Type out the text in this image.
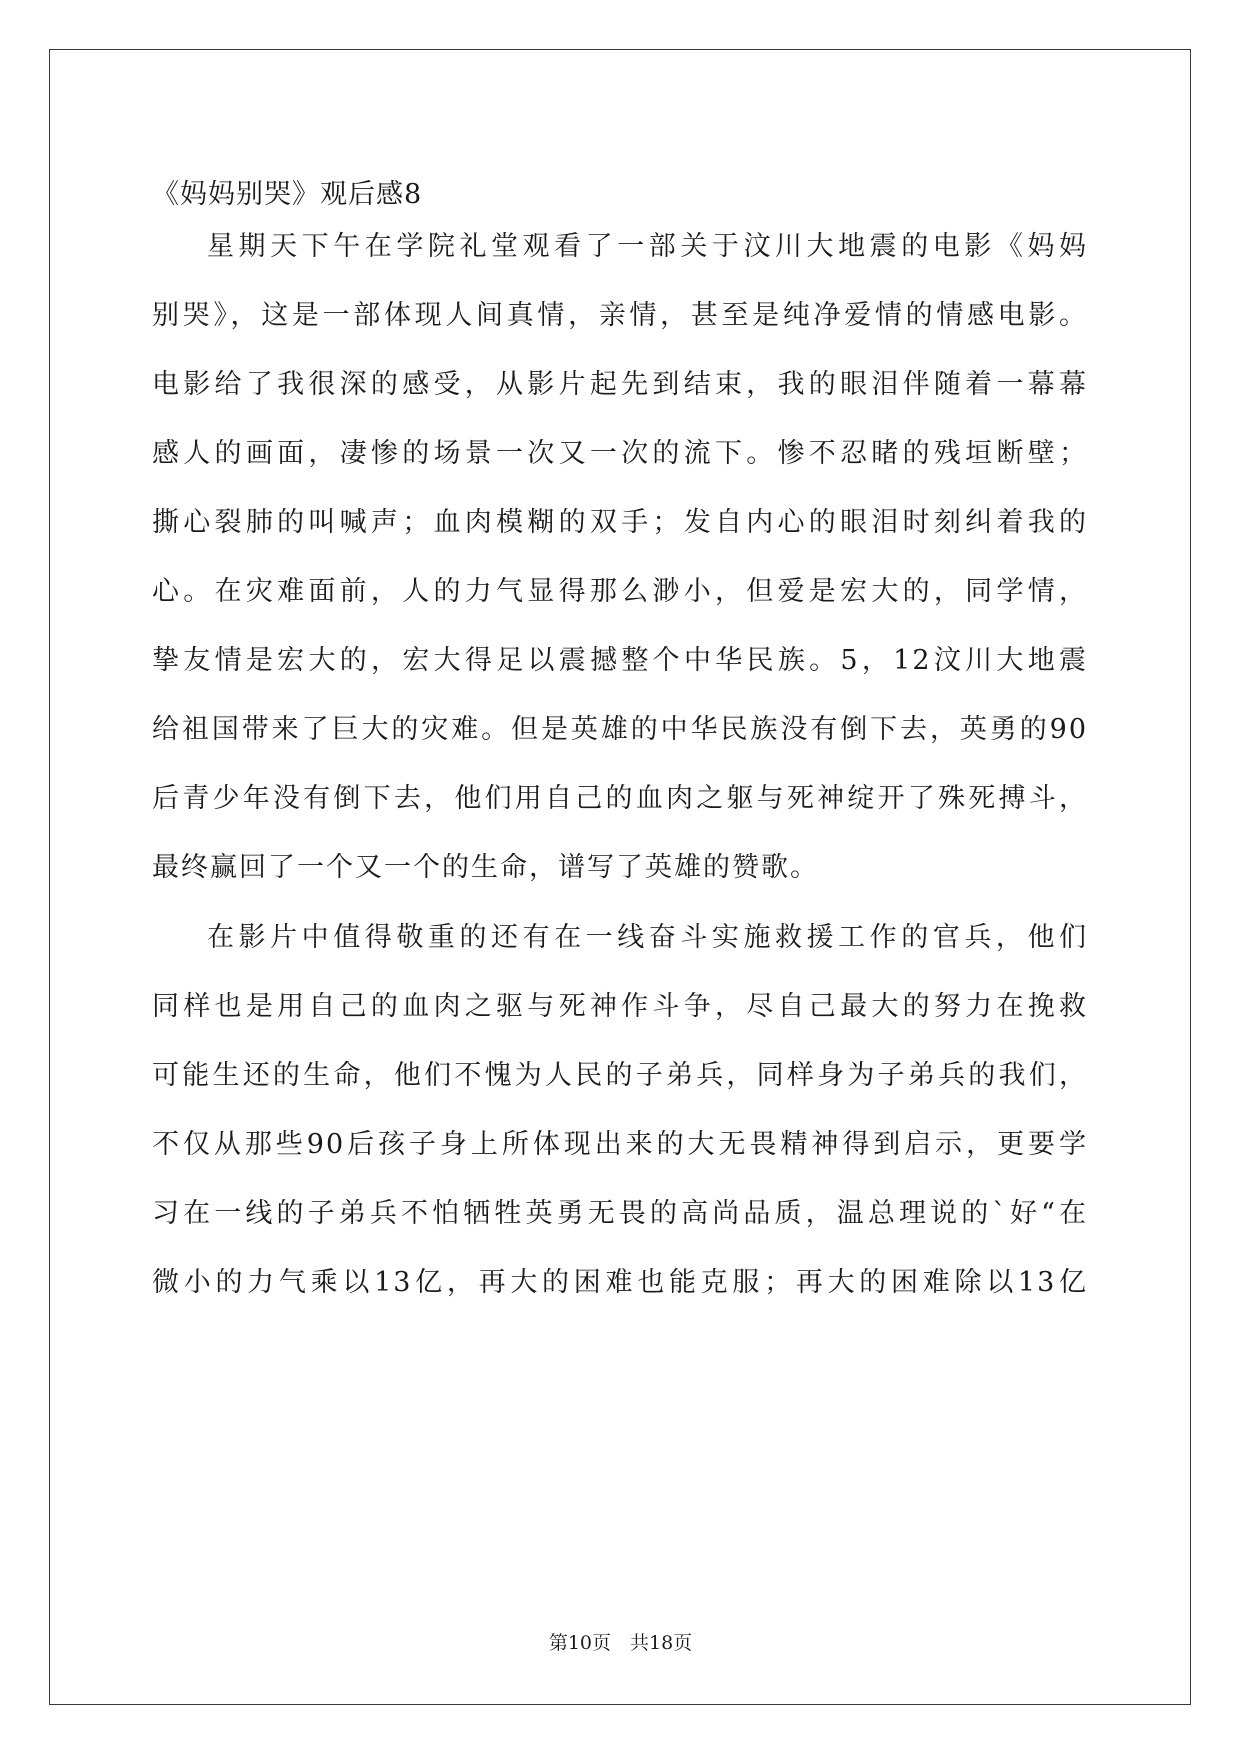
《妈妈别哭》观后感8
星期天下午在学院礼堂观看了一部关于汶川大地震的电影《妈妈
别哭》，这是一部体现人间真情，亲情，甚至是纯净爱情的情感电影。
电影给了我很深的感受，从影片起先到结束，我的眼泪伴随着一幕幕
感人的画面，凄惨的场景一次又一次的流下。惨不忍睹的残垣断壁；
撕心裂肺的叫喊声；血肉模糊的双手；发自内心的眼泪时刻纠着我的
心。在灾难面前，人的力气显得那么渺小，但爱是宏大的，同学情，
挚友情是宏大的，宏大得足以震撼整个中华民族。5，12汶川大地震
给祖国带来了巨大的灾难。但是英雄的中华民族没有倒下去，英勇的90
后青少年没有倒下去，他们用自己的血肉之躯与死神绽开了殊死搏斗，
最终赢回了一个又一个的生命，谱写了英雄的赞歌。
在影片中值得敬重的还有在一线奋斗实施救援工作的官兵，他们
同样也是用自己的血肉之驱与死神作斗争，尽自己最大的努力在挽救
可能生还的生命，他们不愧为人民的子弟兵，同样身为子弟兵的我们，
不仅从那些90后孩子身上所体现出来的大无畏精神得到启示，更要学
习在一线的子弟兵不怕牺牲英勇无畏的高尚品质，温总理说的`好“在
微小的力气乘以13亿，再大的困难也能克服；再大的困难除以13亿
第10页　共18页
